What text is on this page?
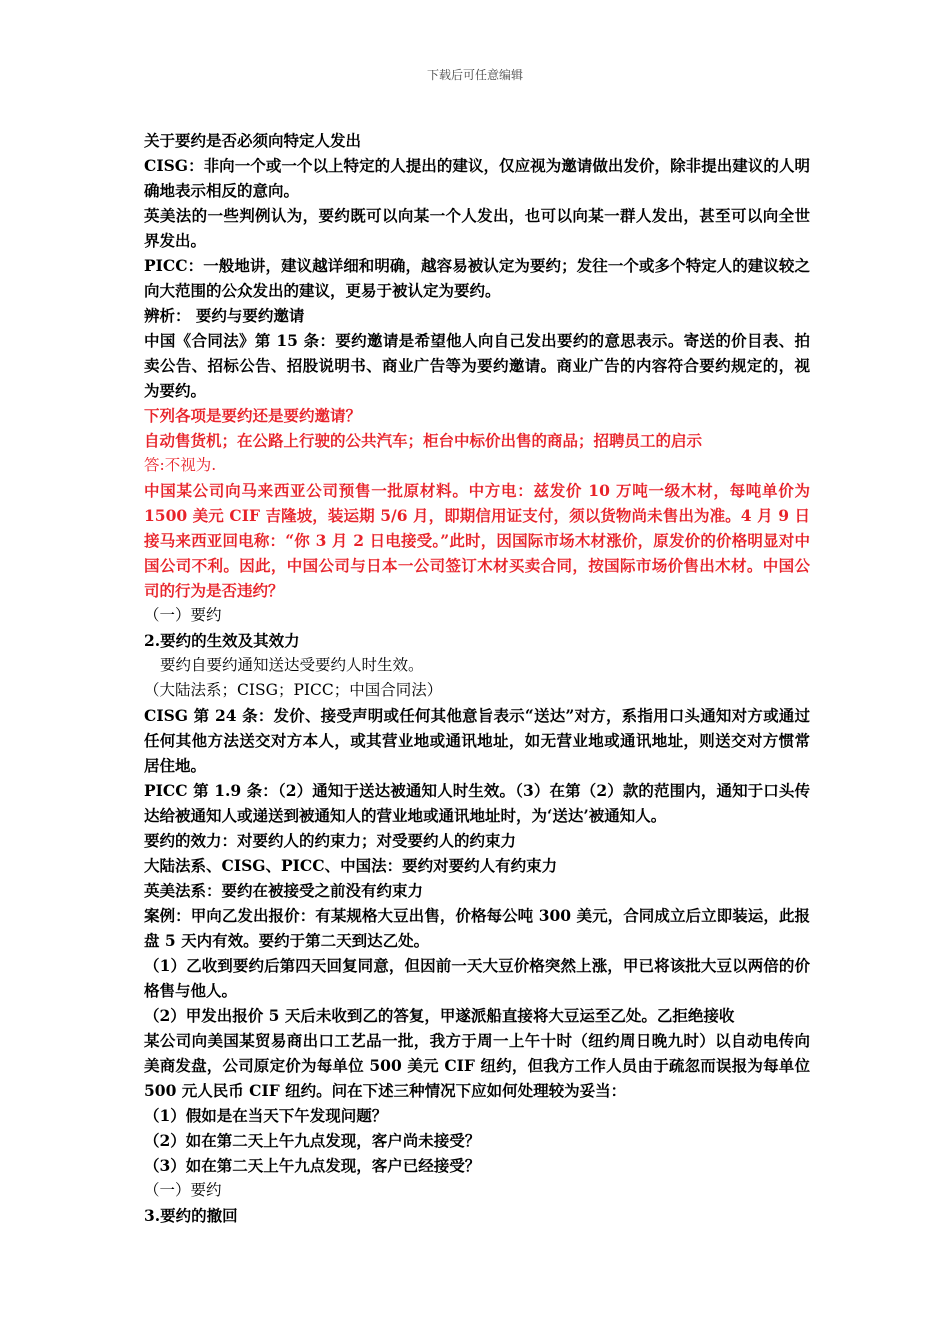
下载后可任意编辑

关于要约是否必须向特定人发出

CISG：非向一个或一个以上特定的人提出的建议，仅应视为邀请做出发价，除非提出建议的人明确地表示相反的意向。

英美法的一些判例认为，要约既可以向某一个人发出，也可以向某一群人发出，甚至可以向全世界发出。

PICC：一般地讲，建议越详细和明确，越容易被认定为要约；发往一个或多个特定人的建议较之向大范围的公众发出的建议，更易于被认定为要约。

辨析： 要约与要约邀请

中国《合同法》第 15 条：要约邀请是希望他人向自己发出要约的意思表示。寄送的价目表、拍卖公告、招标公告、招股说明书、商业广告等为要约邀请。商业广告的内容符合要约规定的，视为要约。

下列各项是要约还是要约邀请？

自动售货机；在公路上行驶的公共汽车；柜台中标价出售的商品；招聘员工的启示

答:不视为.

中国某公司向马来西亚公司预售一批原材料。中方电：兹发价 10 万吨一级木材，每吨单价为 1500 美元 CIF 吉隆坡，装运期 5/6 月，即期信用证支付，须以货物尚未售出为准。4 月 9 日接马来西亚回电称：“你 3 月 2 日电接受。”此时，因国际市场木材涨价，原发价的价格明显对中国公司不利。因此，中国公司与日本一公司签订木材买卖合同，按国际市场价售出木材。中国公司的行为是否违约？

（一）要约

2.要约的生效及其效力

要约自要约通知送达受要约人时生效。

（大陆法系；CISG；PICC；中国合同法）

CISG 第 24 条：发价、接受声明或任何其他意旨表示“送达”对方，系指用口头通知对方或通过任何其他方法送交对方本人，或其营业地或通讯地址，如无营业地或通讯地址，则送交对方惯常居住地。

PICC 第 1.9 条：（2）通知于送达被通知人时生效。（3）在第（2）款的范围内，通知于口头传达给被通知人或递送到被通知人的营业地或通讯地址时，为‘送达’被通知人。

要约的效力：对要约人的约束力；对受要约人的约束力

大陆法系、CISG、PICC、中国法：要约对要约人有约束力

英美法系：要约在被接受之前没有约束力

案例：甲向乙发出报价：有某规格大豆出售，价格每公吨 300 美元，合同成立后立即装运，此报盘 5 天内有效。要约于第二天到达乙处。

（1）乙收到要约后第四天回复同意，但因前一天大豆价格突然上涨，甲已将该批大豆以两倍的价格售与他人。

（2）甲发出报价 5 天后未收到乙的答复，甲遂派船直接将大豆运至乙处。乙拒绝接收

某公司向美国某贸易商出口工艺品一批，我方于周一上午十时（纽约周日晚九时）以自动电传向美商发盘，公司原定价为每单位 500 美元 CIF 纽约，但我方工作人员由于疏忽而误报为每单位 500 元人民币 CIF 纽约。问在下述三种情况下应如何处理较为妥当：

（1）假如是在当天下午发现问题？

（2）如在第二天上午九点发现，客户尚未接受？

（3）如在第二天上午九点发现，客户已经接受？

（一）要约

3.要约的撤回
